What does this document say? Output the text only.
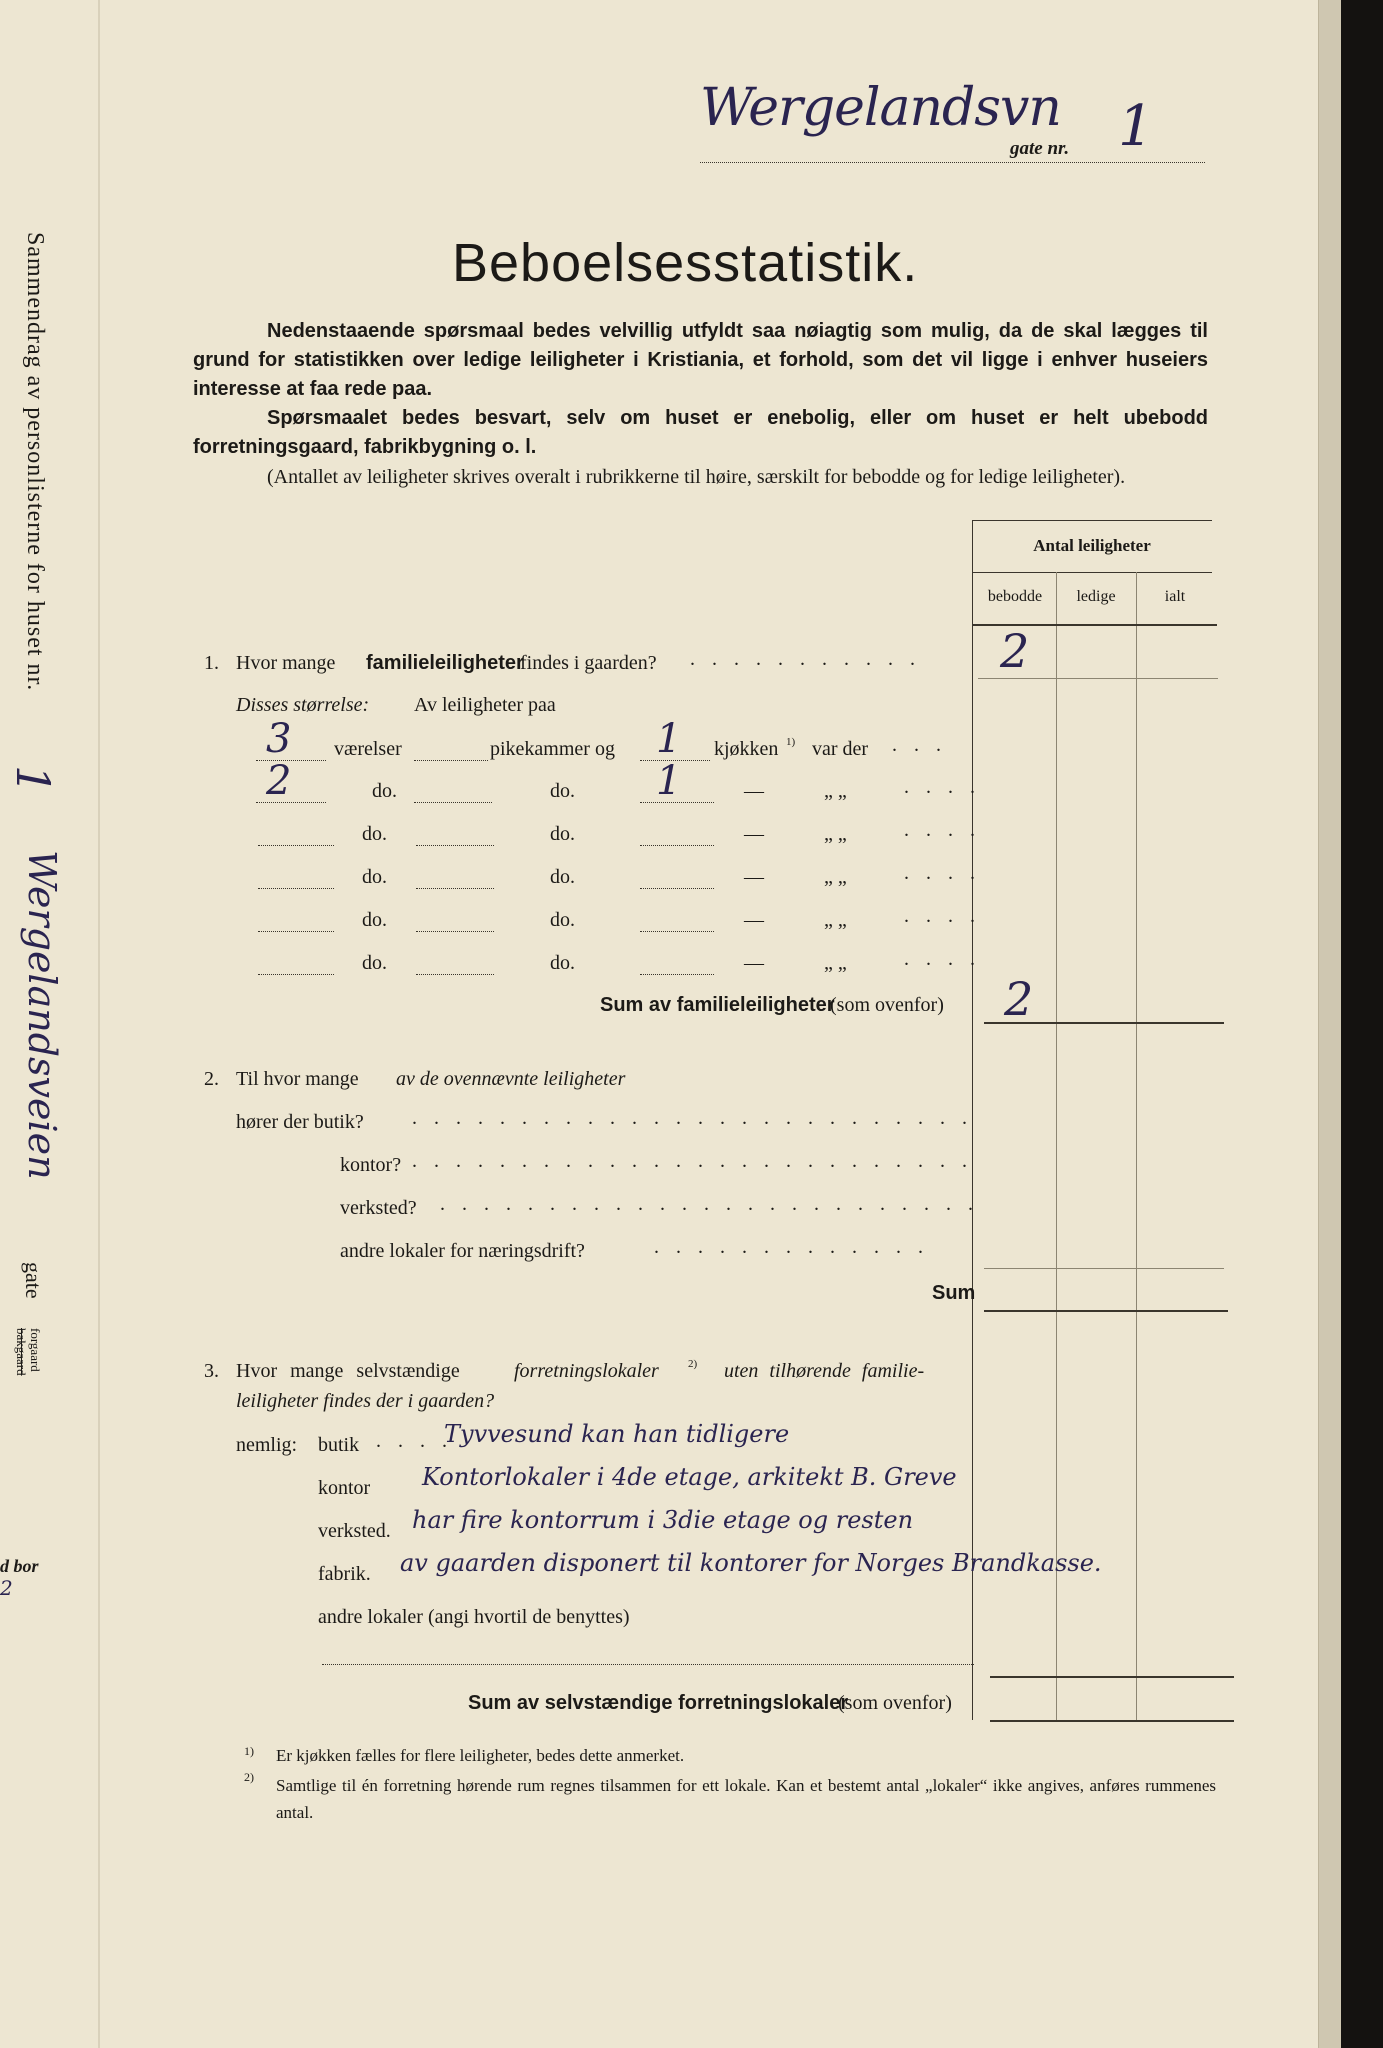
Sammendrag av personlisterne for huset nr.
1
Wergelandsveien
gate
forgaard
bakgaard
d bor
2
Wergelandsvn
gate nr. 1
Beboelsesstatistik.
Nedenstaaende spørsmaal bedes velvillig utfyldt saa nøiagtig som mulig, da de skal lægges til grund for statistikken over ledige leiligheter i Kristiania, et forhold, som det vil ligge i enhver huseiers interesse at faa rede paa.
Spørsmaalet bedes besvart, selv om huset er enebolig, eller om huset er helt ubebodd forretningsgaard, fabrikbygning o. l.
(Antallet av leiligheter skrives overalt i rubrikkerne til høire, særskilt for bebodde og for ledige leiligheter).
Antal leiligheter
bebodde	ledige	ialt
1. Hvor mange familieleiligheter
findes i gaarden? . . . . . . . . . . . 2
Disses størrelse: Av leiligheter paa
3 værelser	pikekammer og 1 kjøkken 1) var der . . .
2	do.	do. 1	—	„ „	. . . .
do.	do.	—	„ „	. . . .
do.	do.	—	„ „	. . . .
do.	do.	—	„ „	. . . .
do.	do.	—	„ „	. . . .
Sum av familieleiligheter
(som ovenfor) 2
2. Til hvor mange av de ovennævnte leiligheter
hører der butik? . . . . . . . . . . . . . . . . . . . . . . . . . .
kontor? . . . . . . . . . . . . . . . . . . . . . . . . . .
verksted? . . . . . . . . . . . . . . . . . . . . . . . . .
andre lokaler for næringsdrift?	. . . . . . . . . . . . .
Sum
3. Hvor mange selvstændige	forretningslokaler	2) uten tilhørende familie-
leiligheter findes der i gaarden?
nemlig: butik . . . .
Tyvvesund kan han tidligere
kontor Kontorlokaler i 4de etage, arkitekt B. Greve
verksted. har fire kontorrum i 3die etage og resten
fabrik. av gaarden disponert til kontorer for Norges Brandkasse.
andre lokaler (angi hvortil de benyttes)
Sum av selvstændige forretningslokaler
(som ovenfor)
1) Er kjøkken fælles for flere leiligheter, bedes dette anmerket.
2) Samtlige til én forretning hørende rum regnes tilsammen for ett lokale. Kan et bestemt antal „lokaler“ ikke angives, anføres rummenes antal.
